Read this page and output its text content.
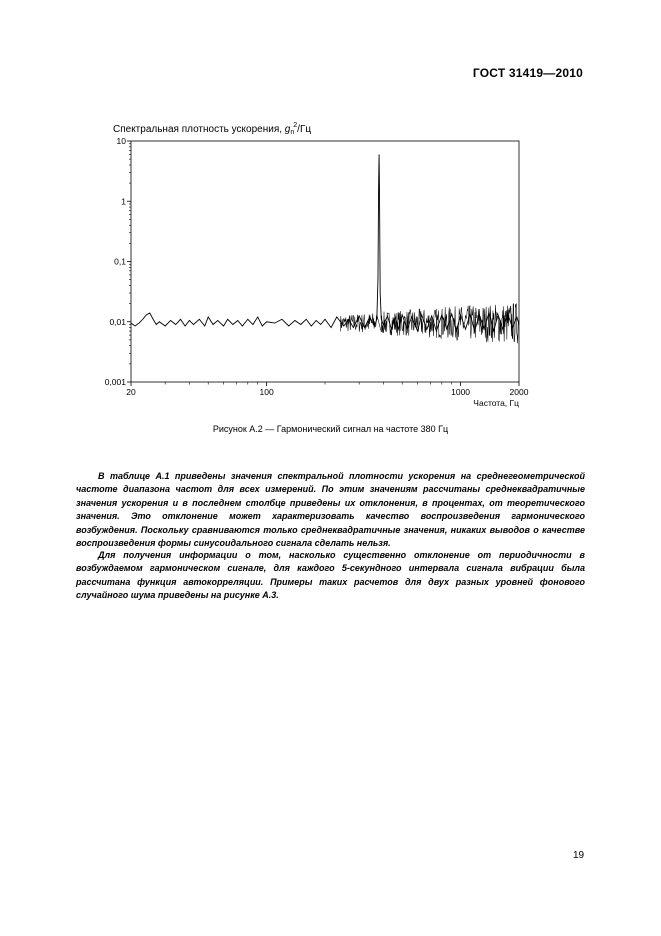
ГОСТ 31419—2010
Спектральная плотность ускорения, $g_n^2/Гц$
10
1
0,1
0,01
0,001
20	100	1000	2000
Частота, Гц
Рисунок А.2 — Гармонический сигнал на частоте 380 Гц
В таблице А.1 приведены значения спектральной плотности ускорения на среднегеометрической частоте диапазона частот для всех измерений. По этим значениям рассчитаны среднеквадратичные значения ускорения и в последнем столбце приведены их отклонения, в процентах, от теоретического значения. Это отклонение может характеризовать качество воспроизведения гармонического возбуждения. Поскольку сравниваются только среднеквадратичные значения, никаких выводов о качестве воспроизведения формы синусоидального сигнала сделать нельзя.
Для получения информации о том, насколько существенно отклонение от периодичности в возбуждаемом гармоническом сигнале, для каждого 5-секундного интервала сигнала вибрации была рассчитана функция автокорреляции. Примеры таких расчетов для двух разных уровней фонового случайного шума приведены на рисунке А.3.
19
